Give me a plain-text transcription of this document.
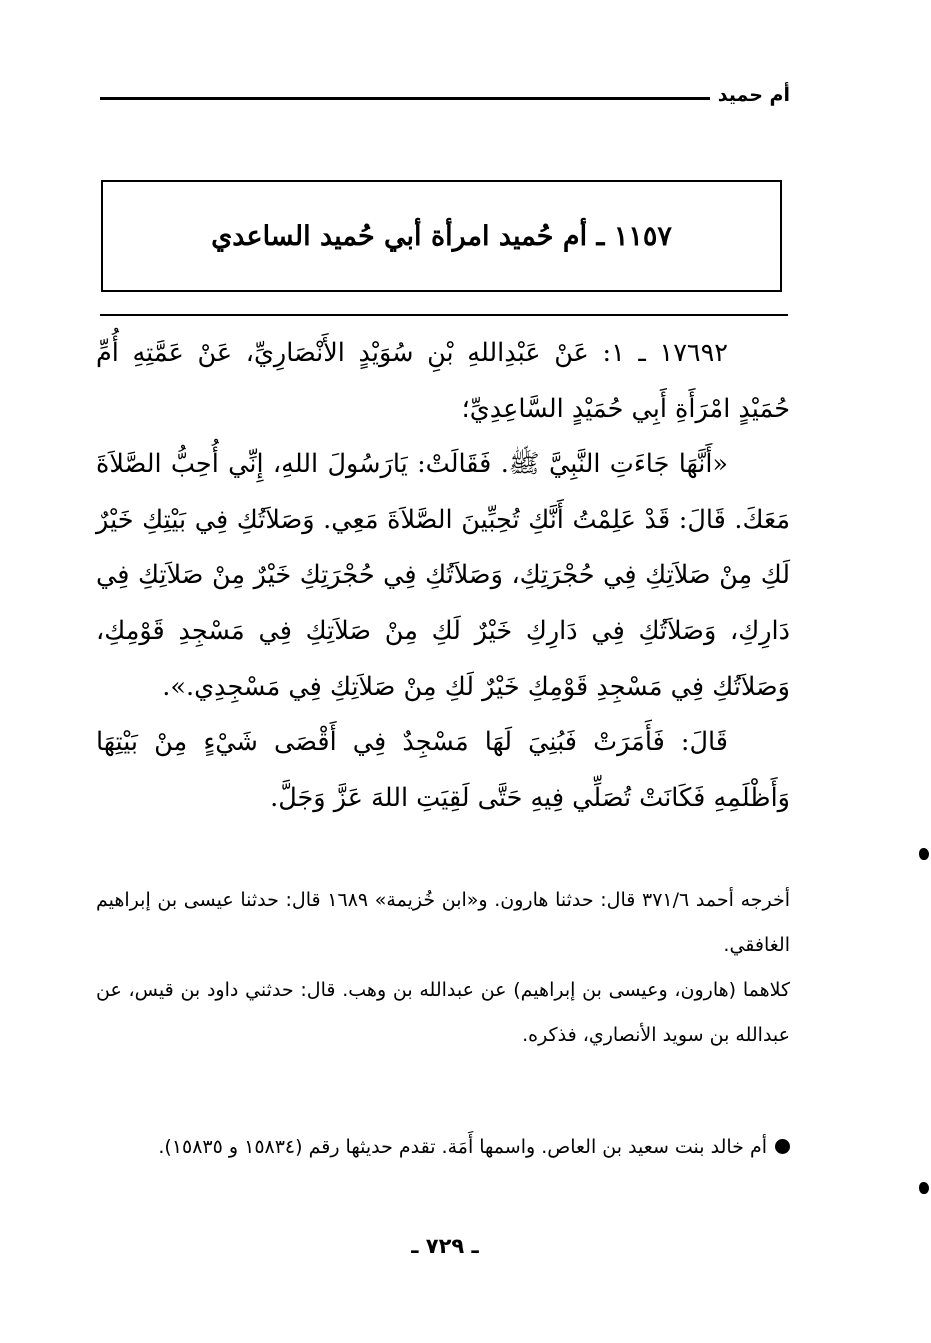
أم حميد
١١٥٧ ـ أم حُميد امرأة أبي حُميد الساعدي

١٧٦٩٢ ـ ١: عَنْ عَبْدِاللهِ بْنِ سُوَيْدٍ الأَنْصَارِيِّ، عَنْ عَمَّتِهِ أُمِّ حُمَيْدٍ امْرَأَةِ أَبِي حُمَيْدٍ السَّاعِدِيِّ؛

«أَنَّهَا جَاءَتِ النَّبِيَّ ﷺ. فَقَالَتْ: يَارَسُولَ اللهِ، إِنِّي أُحِبُّ الصَّلاَةَ مَعَكَ. قَالَ: قَدْ عَلِمْتُ أَنَّكِ تُحِبِّينَ الصَّلاَةَ مَعِي. وَصَلاَتُكِ فِي بَيْتِكِ خَيْرٌ لَكِ مِنْ صَلاَتِكِ فِي حُجْرَتِكِ، وَصَلاَتُكِ فِي حُجْرَتِكِ خَيْرٌ مِنْ صَلاَتِكِ فِي دَارِكِ، وَصَلاَتُكِ فِي دَارِكِ خَيْرٌ لَكِ مِنْ صَلاَتِكِ فِي مَسْجِدِ قَوْمِكِ، وَصَلاَتُكِ فِي مَسْجِدِ قَوْمِكِ خَيْرٌ لَكِ مِنْ صَلاَتِكِ فِي مَسْجِدِي.».

قَالَ: فَأَمَرَتْ فَبُنِيَ لَهَا مَسْجِدٌ فِي أَقْصَى شَيْءٍ مِنْ بَيْتِهَا وَأَظْلَمِهِ فَكَانَتْ تُصَلِّي فِيهِ حَتَّى لَقِيَتِ اللهَ عَزَّ وَجَلَّ.

أخرجه أحمد ٣٧١/٦ قال: حدثنا هارون. و«ابن خُزيمة» ١٦٨٩ قال: حدثنا عيسى بن إبراهيم الغافقي.

كلاهما (هارون، وعيسى بن إبراهيم) عن عبدالله بن وهب. قال: حدثني داود بن قيس، عن عبدالله بن سويد الأنصاري، فذكره.

أم خالد بنت سعيد بن العاص. واسمها أَمَة. تقدم حديثها رقم (١٥٨٣٤ و ١٥٨٣٥).

ـ ٧٢٩ ـ
